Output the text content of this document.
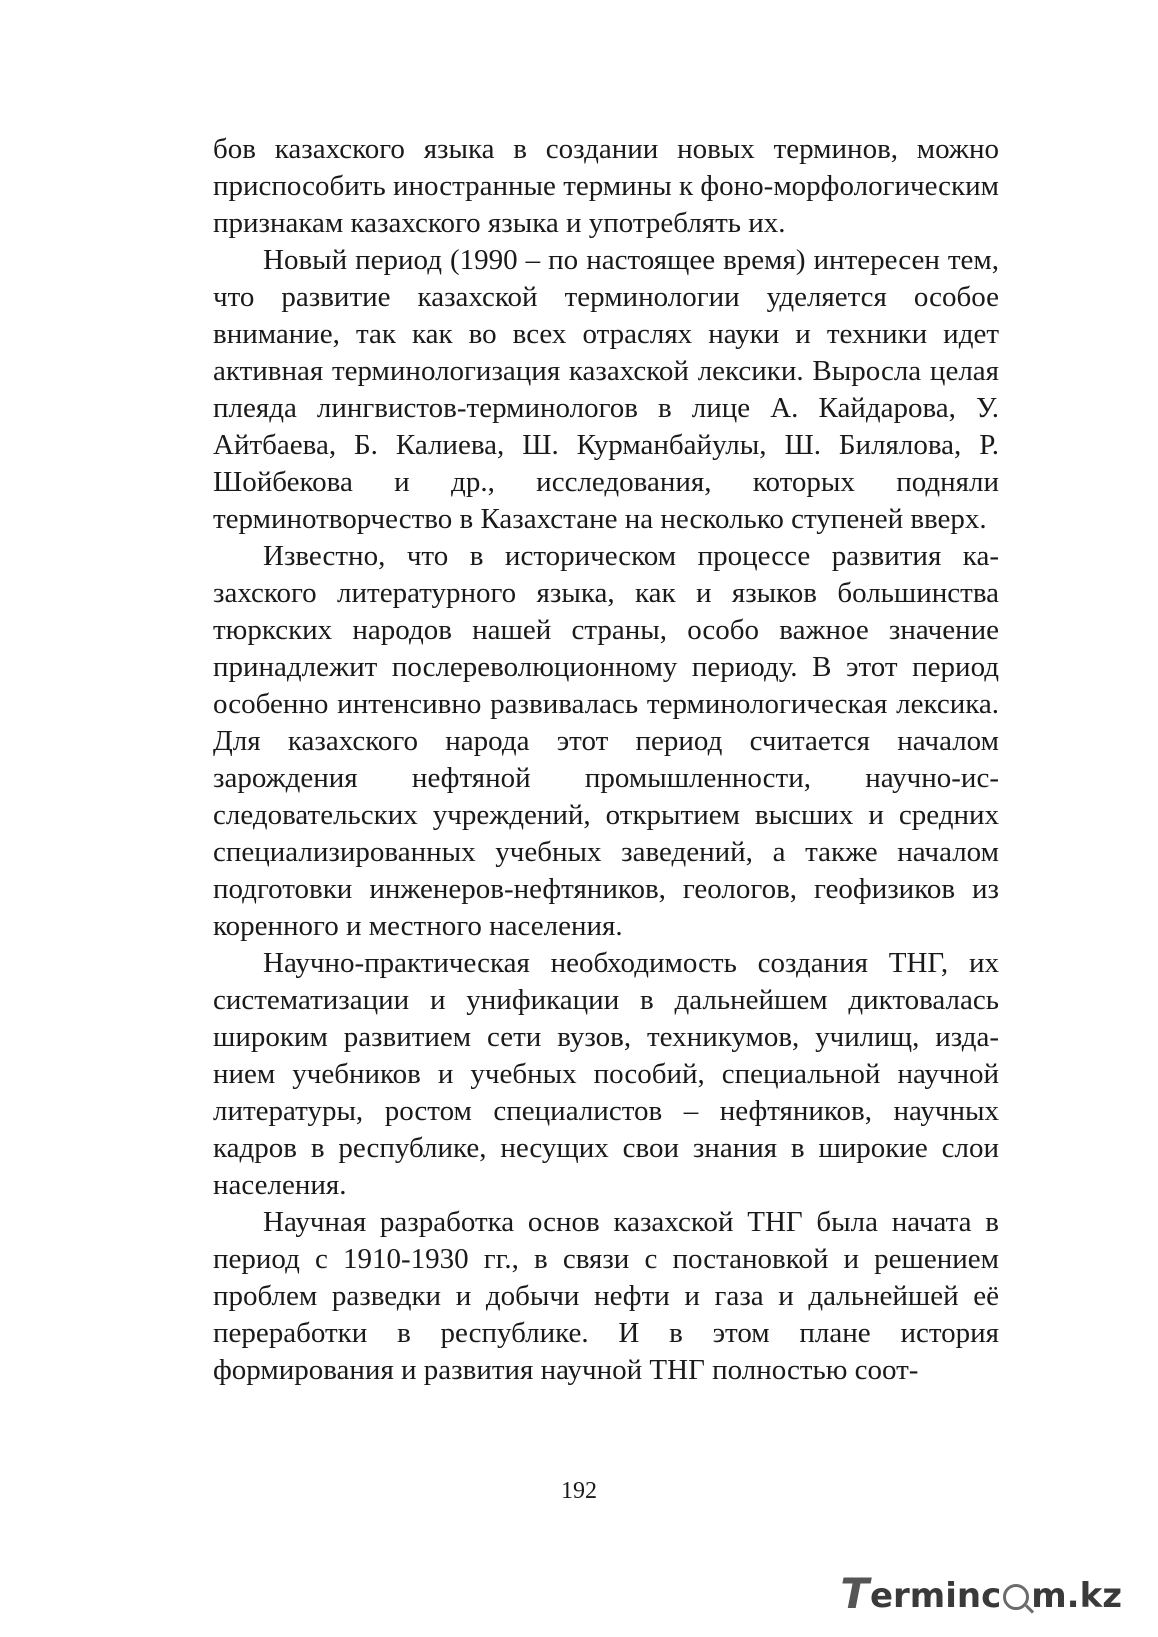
бов казахского языка в создании новых терминов, можно приспособить иностранные термины к фоно-морфологическим признакам казахского языка и употреблять их.

Новый период (1990 – по настоящее время) интересен тем, что развитие казахской терминологии уделяется особое внимание, так как во всех отраслях науки и техники идет активная терминологизация казахской лексики. Выросла целая плеяда лингвистов-терминологов в лице А. Кайдарова, У. Айтбаева, Б. Калиева, Ш. Курманбайулы, Ш. Билялова, Р. Шойбекова и др., исследования, которых подняли терминотворчество в Казахстане на несколько ступеней вверх.

Известно, что в историческом процессе развития казахского литературного языка, как и языков большинства тюркских народов нашей страны, особо важное значение принадлежит послереволюционному периоду. В этот период особенно интенсивно развивалась терминологическая лексика. Для казахского народа этот период считается началом зарождения нефтяной промышленности, научно-исследовательских учреждений, открытием высших и средних специализированных учебных заведений, а также началом подготовки инженеров-нефтяников, геологов, геофизиков из коренного и местного населения.

Научно-практическая необходимость создания ТНГ, их систематизации и унификации в дальнейшем диктовалась широким развитием сети вузов, техникумов, училищ, изданием учебников и учебных пособий, специальной научной литературы, ростом специалистов – нефтяников, научных кадров в республике, несущих свои знания в широкие слои населения.

Научная разработка основ казахской ТНГ была начата в период с 1910-1930 гг., в связи с постановкой и решением проблем разведки и добычи нефти и газа и дальнейшей её переработки в республике. И в этом плане история формирования и развития научной ТНГ полностью соот-

192
T erminc m.kz
